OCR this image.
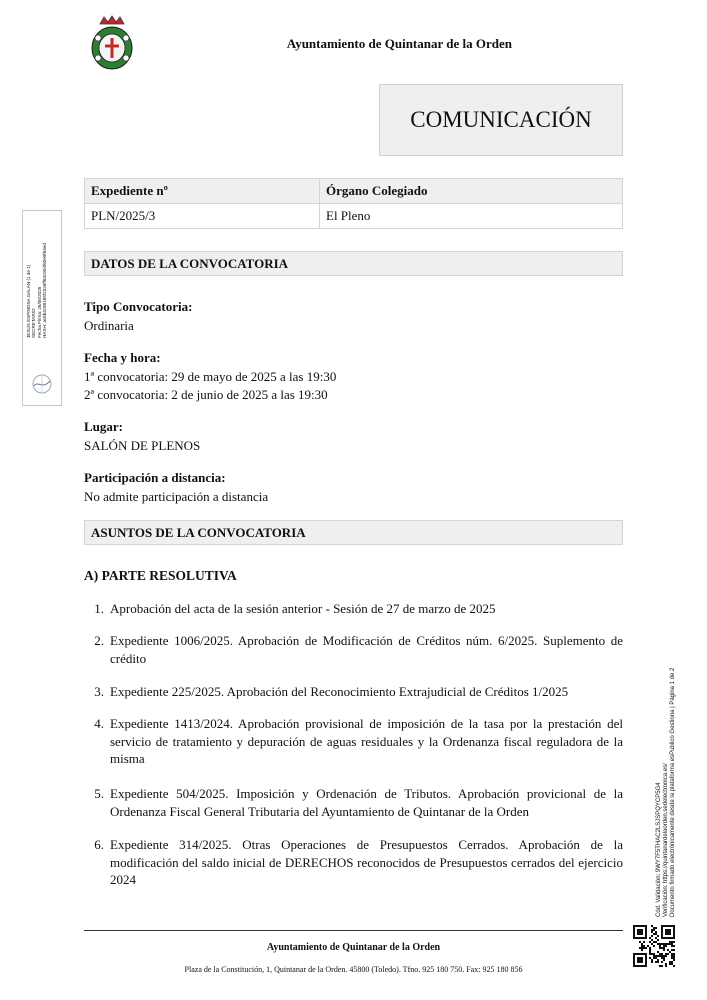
Ayuntamiento de Quintanar de la Orden
COMUNICACIÓN
Expediente nº	Órgano Colegiado
PLN/2025/3	El Pleno
DATOS DE LA CONVOCATORIA
Tipo Convocatoria:
Ordinaria
Fecha y hora:
1ª convocatoria: 29 de mayo de 2025 a las 19:30
2ª convocatoria: 2 de junio de 2025 a las 19:30
Lugar:
SALÓN DE PLENOS
Participación a distancia:
No admite participación a distancia
ASUNTOS DE LA CONVOCATORIA
A) PARTE RESOLUTIVA
1. Aprobación del acta de la sesión anterior - Sesión de 27 de marzo de 2025
2. Expediente 1006/2025. Aprobación de Modificación de Créditos núm. 6/2025. Suplemento de crédito
3. Expediente 225/2025. Aprobación del Reconocimiento Extrajudicial de Créditos 1/2025
4. Expediente 1413/2024. Aprobación provisional de imposición de la tasa por la prestación del servicio de tratamiento y depuración de aguas residuales y la Ordenanza fiscal reguladora de la misma
5. Expediente 504/2025. Imposición y Ordenación de Tributos. Aprobación provicional de la Ordenanza Fiscal General Tributaria del Ayuntamiento de Quintanar de la Orden
6. Expediente 314/2025. Otras Operaciones de Presupuestos Cerrados. Aprobación de la modificación del saldo inicial de DERECHOS reconocidos de Presupuestos cerrados del ejercicio 2024
Ayuntamiento de Quintanar de la Orden
Plaza de la Constitución, 1, Quintanar de la Orden. 45800 (Toledo). Tfno. 925 180 750. Fax: 925 180 856
JESÚS ESPINOSA GALÁN (1 de 1) SECRETARIO Fecha Firma: 26/05/2025 HASH: ac6b4c89185f2026ff63c904f60e9f63ed
Cód. Validación: 9WY7F5THAC2LSJSPQYCP5G4 Verificación: https://quintanardelaorden.sedelectronica.es/ Documento firmado electrónicamente desde la plataforma esPublico Gestiona | Página 1 de 2
